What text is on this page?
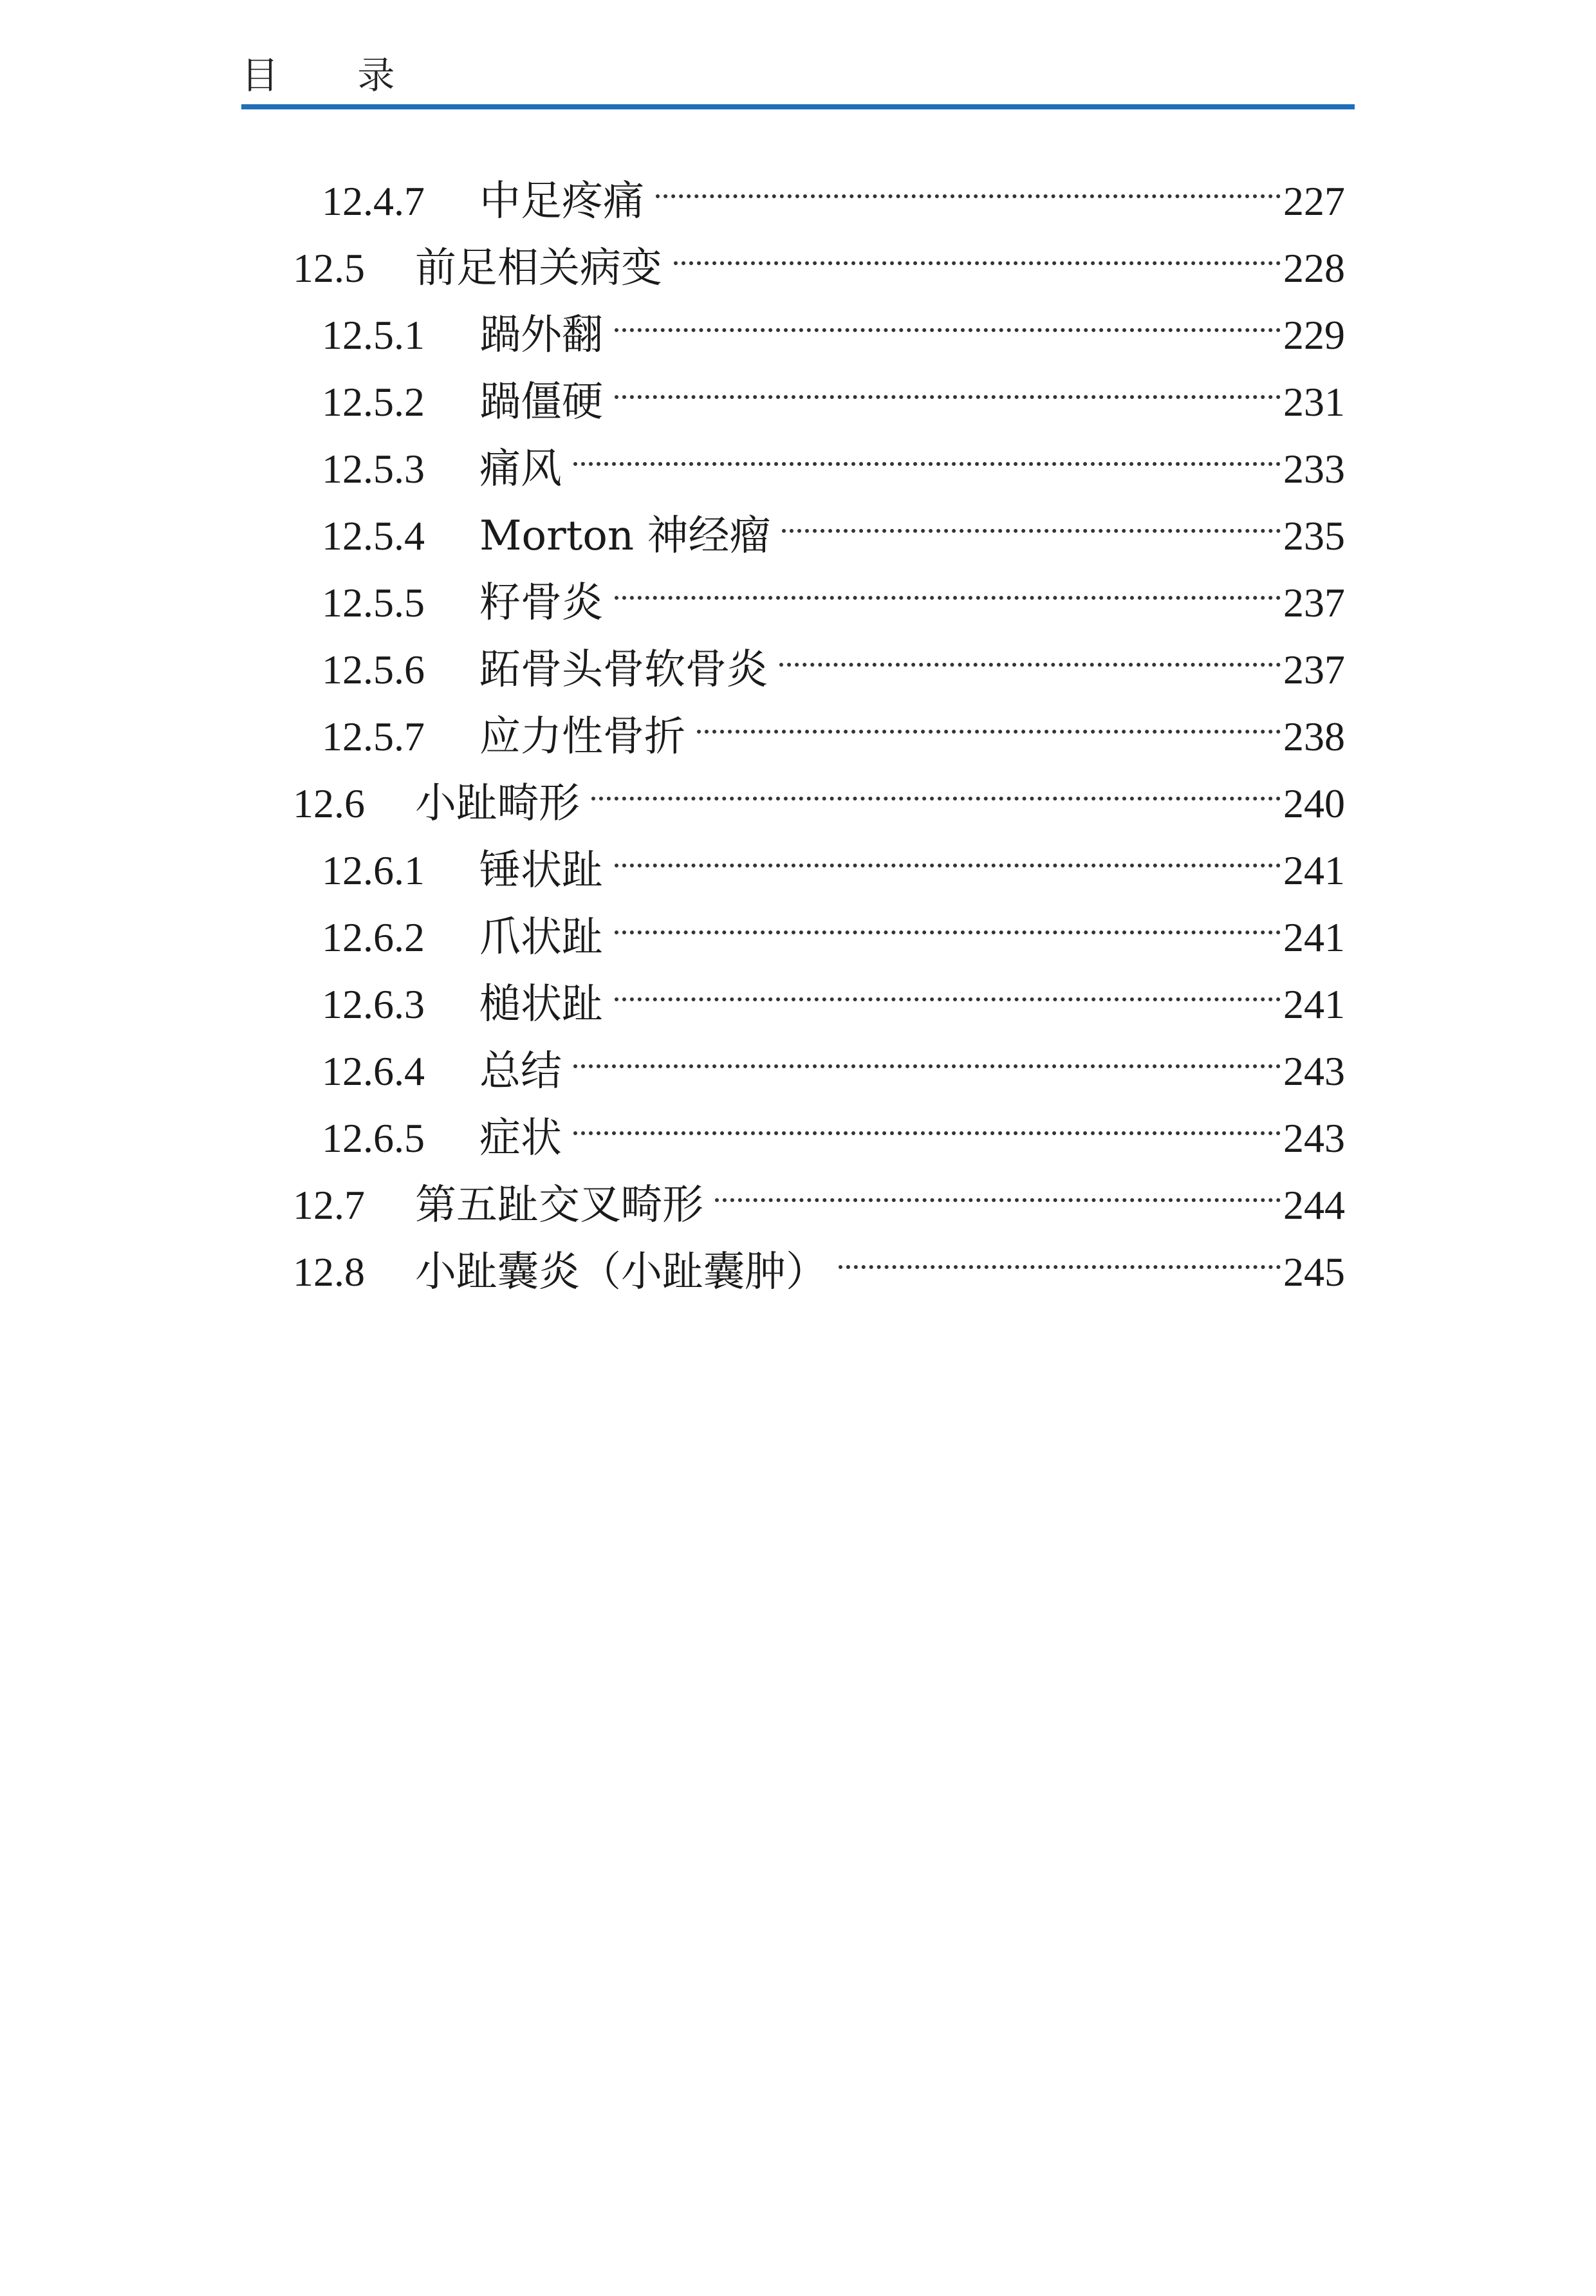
目 录
12.4.7	中足疼痛	227
12.5	前足相关病变	228
12.5.1	踻外翻	229
12.5.2	踻僵硬	231
12.5.3	痛风	233
12.5.4	Morton 神经瘤	235
12.5.5	籽骨炎	237
12.5.6	跖骨头骨软骨炎	237
12.5.7	应力性骨折	238
12.6	小趾畸形	240
12.6.1	锤状趾	241
12.6.2	爪状趾	241
12.6.3	槌状趾	241
12.6.4	总结	243
12.6.5	症状	243
12.7	第五趾交叉畸形	244
12.8	小趾囊炎（小趾囊肿）	245
